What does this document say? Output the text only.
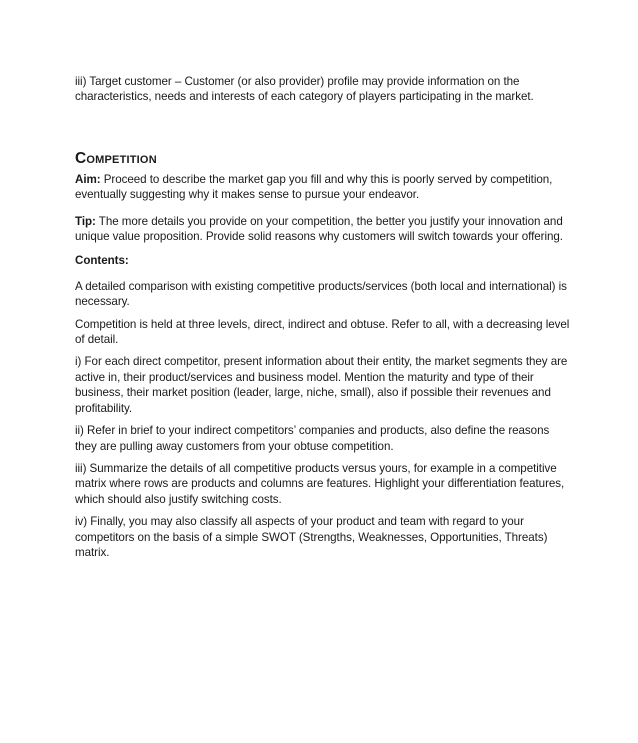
iii) Target customer – Customer (or also provider) profile may provide information on the characteristics, needs and interests of each category of players participating in the market.

Competition

Aim: Proceed to describe the market gap you fill and why this is poorly served by competition, eventually suggesting why it makes sense to pursue your endeavor.

Tip: The more details you provide on your competition, the better you justify your innovation and unique value proposition. Provide solid reasons why customers will switch towards your offering.

Contents:

A detailed comparison with existing competitive products/services (both local and international) is necessary.

Competition is held at three levels, direct, indirect and obtuse. Refer to all, with a decreasing level of detail.

i) For each direct competitor, present information about their entity, the market segments they are active in, their product/services and business model. Mention the maturity and type of their business, their market position (leader, large, niche, small), also if possible their revenues and profitability.

ii) Refer in brief to your indirect competitors’ companies and products, also define the reasons they are pulling away customers from your obtuse competition.

iii) Summarize the details of all competitive products versus yours, for example in a competitive matrix where rows are products and columns are features. Highlight your differentiation features, which should also justify switching costs.

iv) Finally, you may also classify all aspects of your product and team with regard to your competitors on the basis of a simple SWOT (Strengths, Weaknesses, Opportunities, Threats) matrix.
